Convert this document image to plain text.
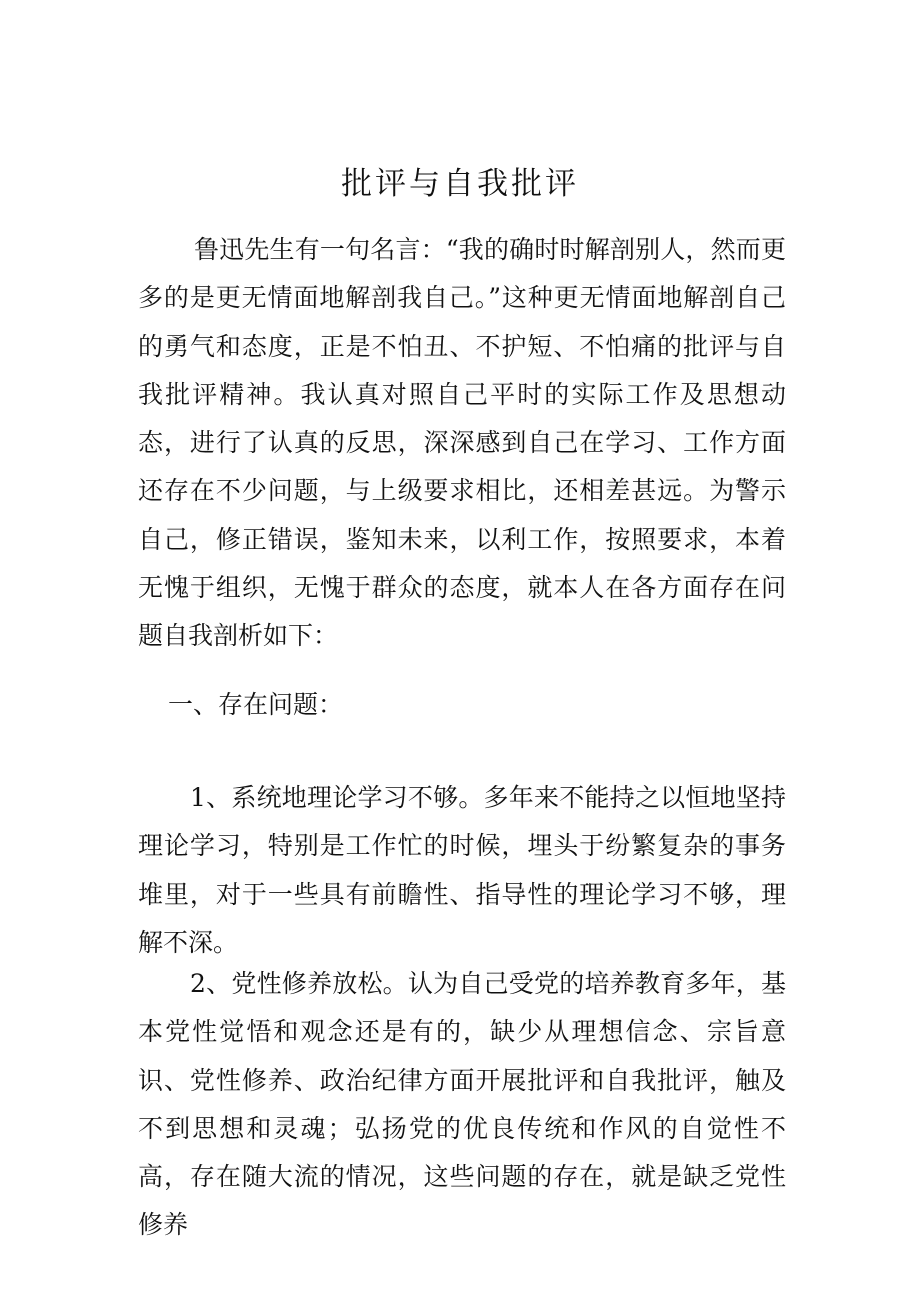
批评与自我批评

鲁迅先生有一句名言：“我的确时时解剖别人，然而更多的是更无情面地解剖我自己。”这种更无情面地解剖自己的勇气和态度，正是不怕丑、不护短、不怕痛的批评与自我批评精神。我认真对照自己平时的实际工作及思想动态，进行了认真的反思，深深感到自己在学习、工作方面还存在不少问题，与上级要求相比，还相差甚远。为警示自己，修正错误，鉴知未来，以利工作，按照要求，本着无愧于组织，无愧于群众的态度，就本人在各方面存在问题自我剖析如下：

一、存在问题：

1、系统地理论学习不够。多年来不能持之以恒地坚持理论学习，特别是工作忙的时候，埋头于纷繁复杂的事务堆里，对于一些具有前瞻性、指导性的理论学习不够，理解不深。

2、党性修养放松。认为自己受党的培养教育多年，基本党性觉悟和观念还是有的，缺少从理想信念、宗旨意识、党性修养、政治纪律方面开展批评和自我批评，触及不到思想和灵魂；弘扬党的优良传统和作风的自觉性不高，存在随大流的情况，这些问题的存在，就是缺乏党性修养
